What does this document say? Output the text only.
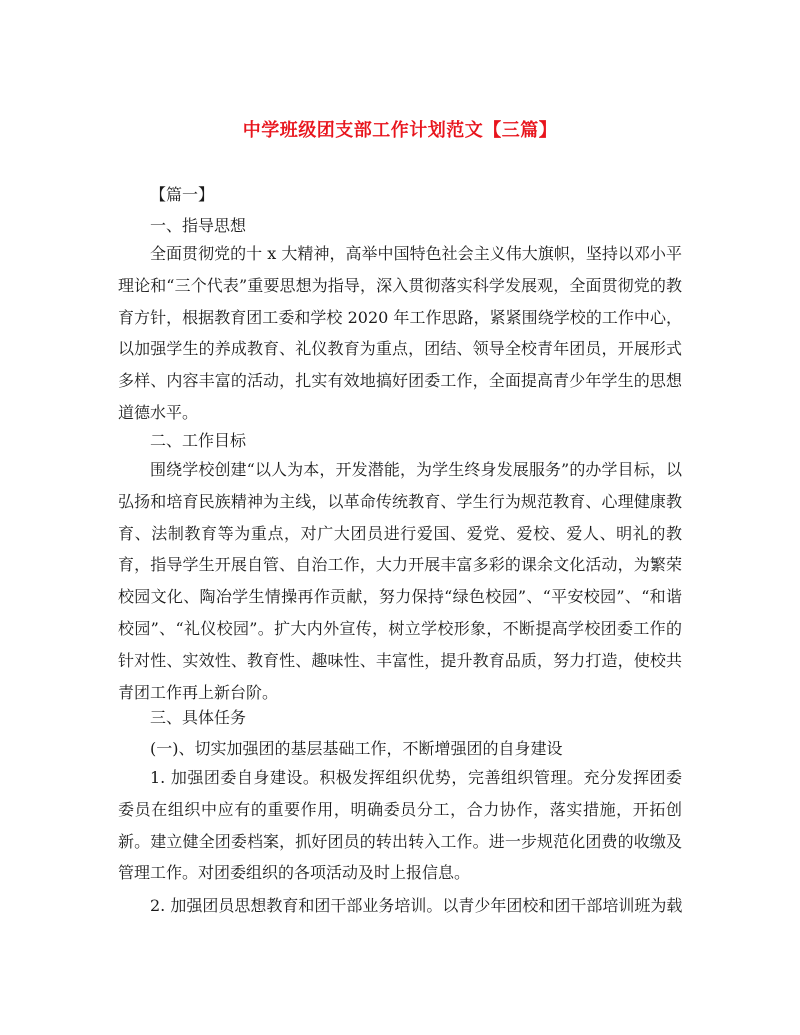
中学班级团支部工作计划范文【三篇】
【篇一】
一、指导思想
全面贯彻党的十 x 大精神，高举中国特色社会主义伟大旗帜，坚持以邓小平理论和“三个代表”重要思想为指导，深入贯彻落实科学发展观，全面贯彻党的教育方针，根据教育团工委和学校 2020 年工作思路，紧紧围绕学校的工作中心，以加强学生的养成教育、礼仪教育为重点，团结、领导全校青年团员，开展形式多样、内容丰富的活动，扎实有效地搞好团委工作，全面提高青少年学生的思想道德水平。
二、工作目标
围绕学校创建“以人为本，开发潜能，为学生终身发展服务”的办学目标，以弘扬和培育民族精神为主线，以革命传统教育、学生行为规范教育、心理健康教育、法制教育等为重点，对广大团员进行爱国、爱党、爱校、爱人、明礼的教育，指导学生开展自管、自治工作，大力开展丰富多彩的课余文化活动，为繁荣校园文化、陶冶学生情操再作贡献，努力保持“绿色校园”、“平安校园”、“和谐校园”、“礼仪校园”。扩大内外宣传，树立学校形象，不断提高学校团委工作的针对性、实效性、教育性、趣味性、丰富性，提升教育品质，努力打造，使校共青团工作再上新台阶。
三、具体任务
(一)、切实加强团的基层基础工作，不断增强团的自身建设
1. 加强团委自身建设。积极发挥组织优势，完善组织管理。充分发挥团委委员在组织中应有的重要作用，明确委员分工，合力协作，落实措施，开拓创新。建立健全团委档案，抓好团员的转出转入工作。进一步规范化团费的收缴及管理工作。对团委组织的各项活动及时上报信息。
2. 加强团员思想教育和团干部业务培训。以青少年团校和团干部培训班为载
